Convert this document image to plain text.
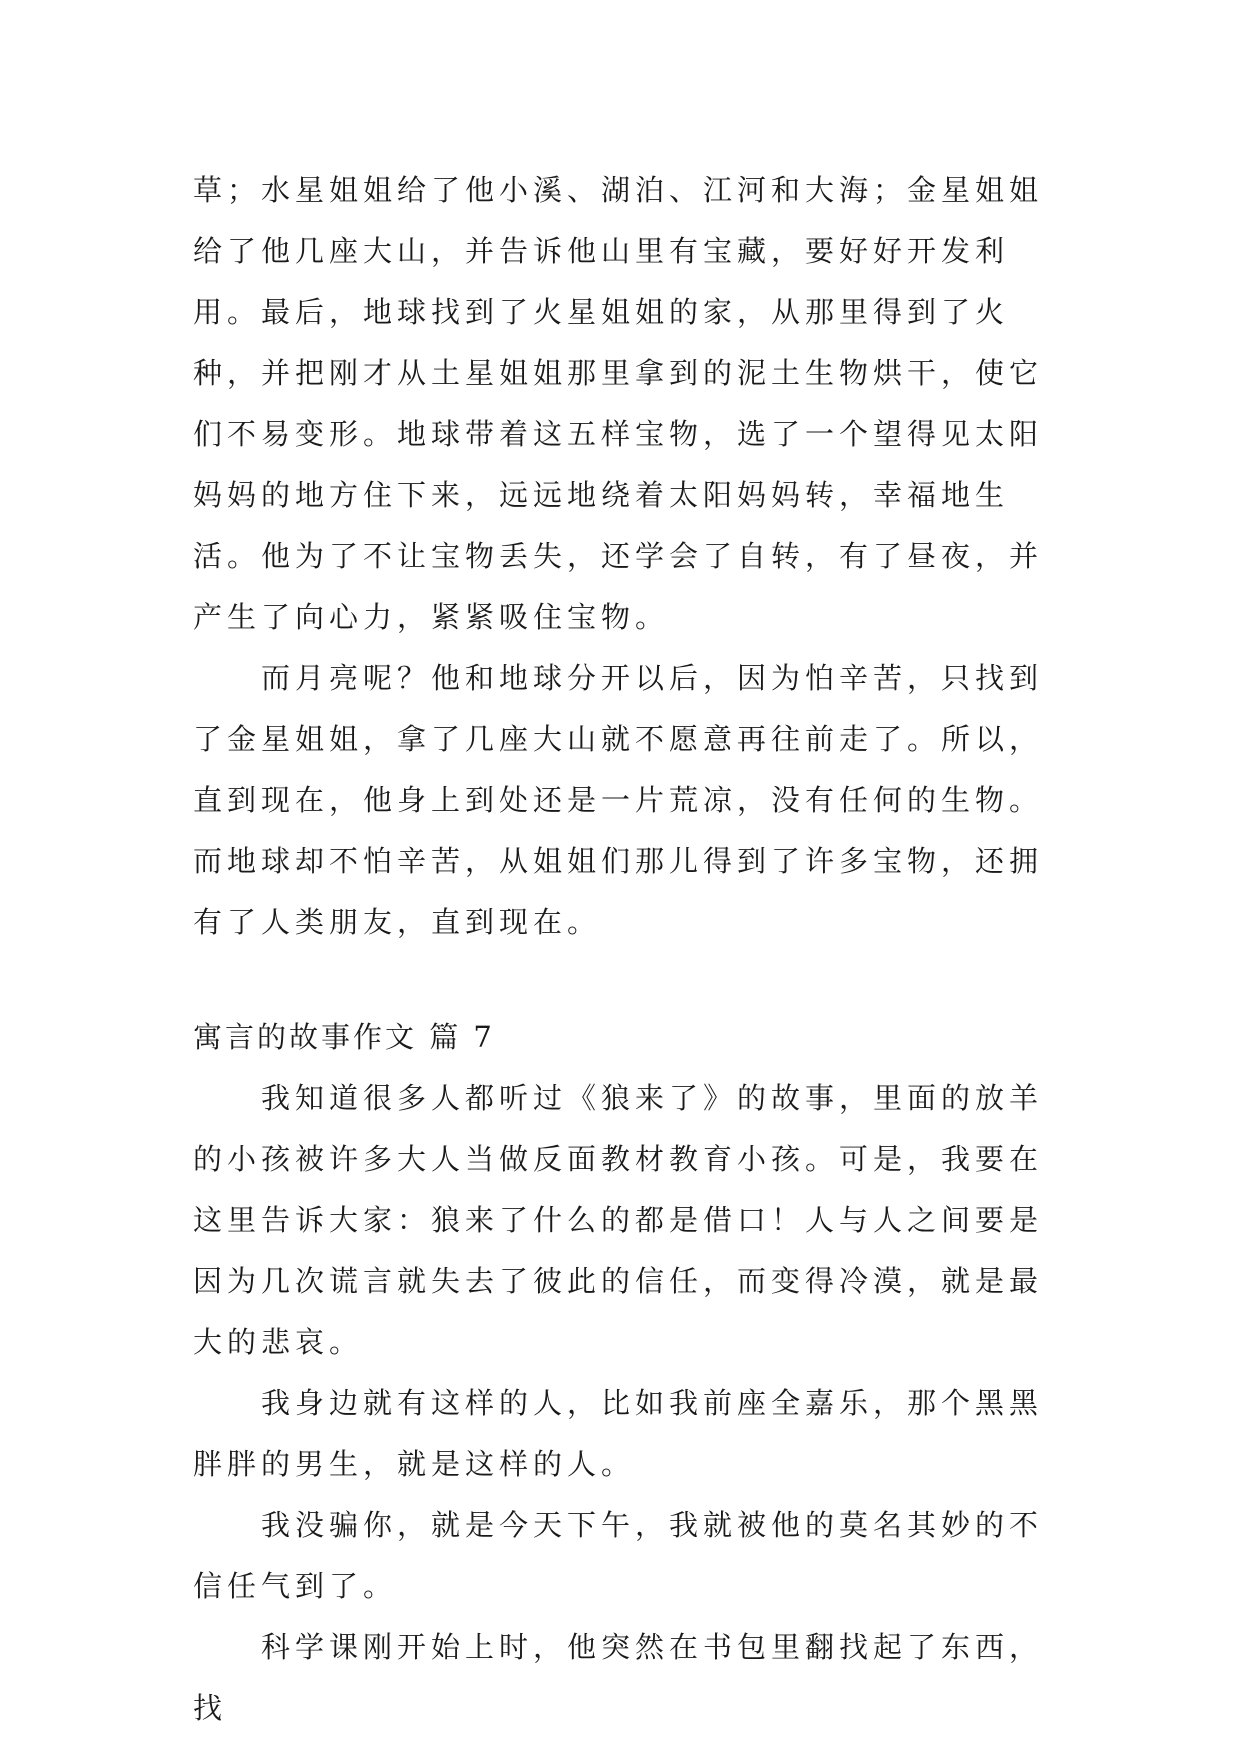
草；水星姐姐给了他小溪、湖泊、江河和大海；金星姐姐给了他几座大山，并告诉他山里有宝藏，要好好开发利用。最后，地球找到了火星姐姐的家，从那里得到了火种，并把刚才从土星姐姐那里拿到的泥土生物烘干，使它们不易变形。地球带着这五样宝物，选了一个望得见太阳妈妈的地方住下来，远远地绕着太阳妈妈转，幸福地生活。他为了不让宝物丢失，还学会了自转，有了昼夜，并产生了向心力，紧紧吸住宝物。

而月亮呢？他和地球分开以后，因为怕辛苦，只找到了金星姐姐，拿了几座大山就不愿意再往前走了。所以，直到现在，他身上到处还是一片荒凉，没有任何的生物。而地球却不怕辛苦，从姐姐们那儿得到了许多宝物，还拥有了人类朋友，直到现在。

寓言的故事作文 篇 7

我知道很多人都听过《狼来了》的故事，里面的放羊的小孩被许多大人当做反面教材教育小孩。可是，我要在这里告诉大家：狼来了什么的都是借口！人与人之间要是因为几次谎言就失去了彼此的信任，而变得冷漠，就是最大的悲哀。

我身边就有这样的人，比如我前座全嘉乐，那个黑黑胖胖的男生，就是这样的人。

我没骗你，就是今天下午，我就被他的莫名其妙的不信任气到了。

科学课刚开始上时，他突然在书包里翻找起了东西，找
